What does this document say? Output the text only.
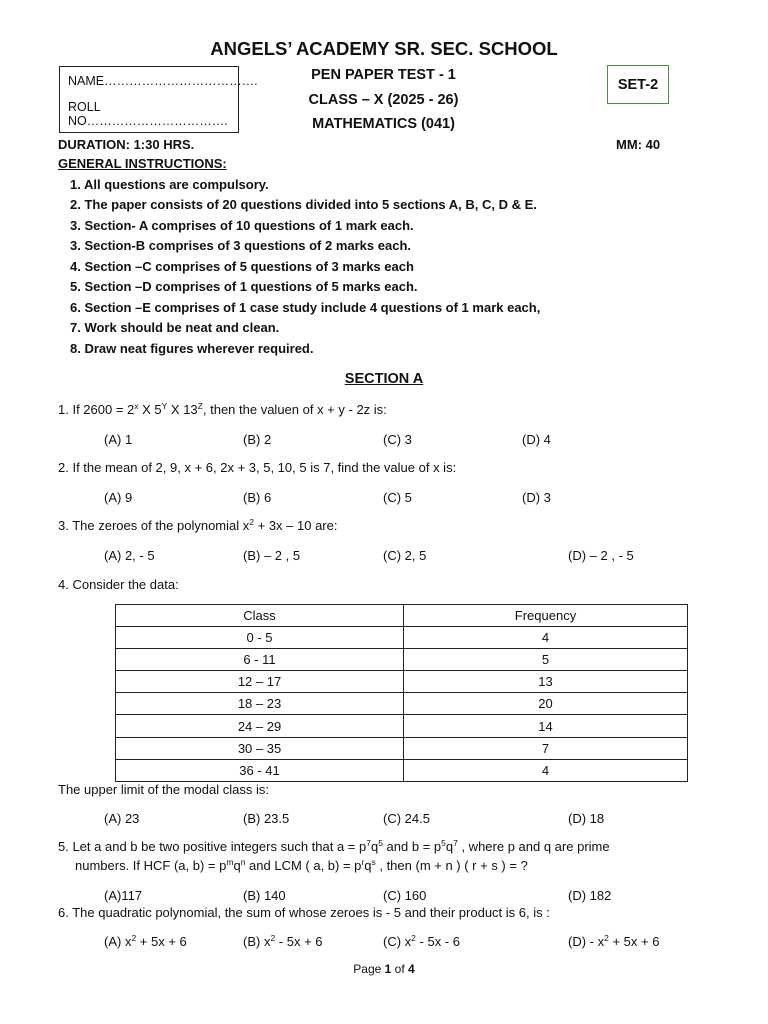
ANGELS’ ACADEMY SR. SEC. SCHOOL
NAME……………………………….
ROLL NO…………………………….
PEN PAPER TEST - 1
CLASS – X (2025 - 26)
MATHEMATICS (041)
SET-2
DURATION: 1:30 HRS.	MM: 40
GENERAL INSTRUCTIONS:
1. All questions are compulsory.
2. The paper consists of 20 questions divided into 5 sections A, B, C, D & E.
3. Section- A comprises of 10 questions of 1 mark each.
3. Section-B comprises of 3 questions of 2 marks each.
4. Section –C comprises of 5 questions of 3 marks each
5. Section –D comprises of 1 questions of 5 marks each.
6. Section –E comprises of 1 case study include 4 questions of 1 mark each,
7. Work should be neat and clean.
8. Draw neat figures wherever required.
SECTION A
1. If $2600 = 2^x$ X $5^Y$ X $13^Z$, then the valuen of x + y - 2z is:
(A) 1	(B) 2	(C) 3	(D) 4
2. If the mean of 2, 9, x + 6, 2x + 3, 5, 10, 5 is 7, find the value of x is:
(A) 9	(B) 6	(C) 5	(D) 3
3. The zeroes of the polynomial $x^2 + 3x - 10$ are:
(A) 2, - 5	(B) – 2 , 5	(C) 2, 5	(D) – 2 , - 5
4. Consider the data:
Class	Frequency
0 - 5	4
6 - 11	5
12 – 17	13
18 – 23	20
24 – 29	14
30 – 35	7
36 - 41	4
The upper limit of the modal class is:
(A) 23	(B) 23.5	(C) 24.5	(D) 18
5. Let a and b be two positive integers such that $a = p^7q^5$ and $b = p^5q^7$ , where p and q are prime
numbers. If HCF (a, $b) = p^mq^n$ and LCM ( a, $b) = p^rq^s$ , then (m + n ) ( r + s ) = ?
(A)117	(B) 140	(C) 160	(D) 182
6. The quadratic polynomial, the sum of whose zeroes is - 5 and their product is 6, is :
(A) $x^2 + 5x + 6$	(B) $x^2 - 5x + 6$	(C) $x^2 - 5x - 6$	$(D) - x^2 + 5x + 6$
Page 1 of 4
